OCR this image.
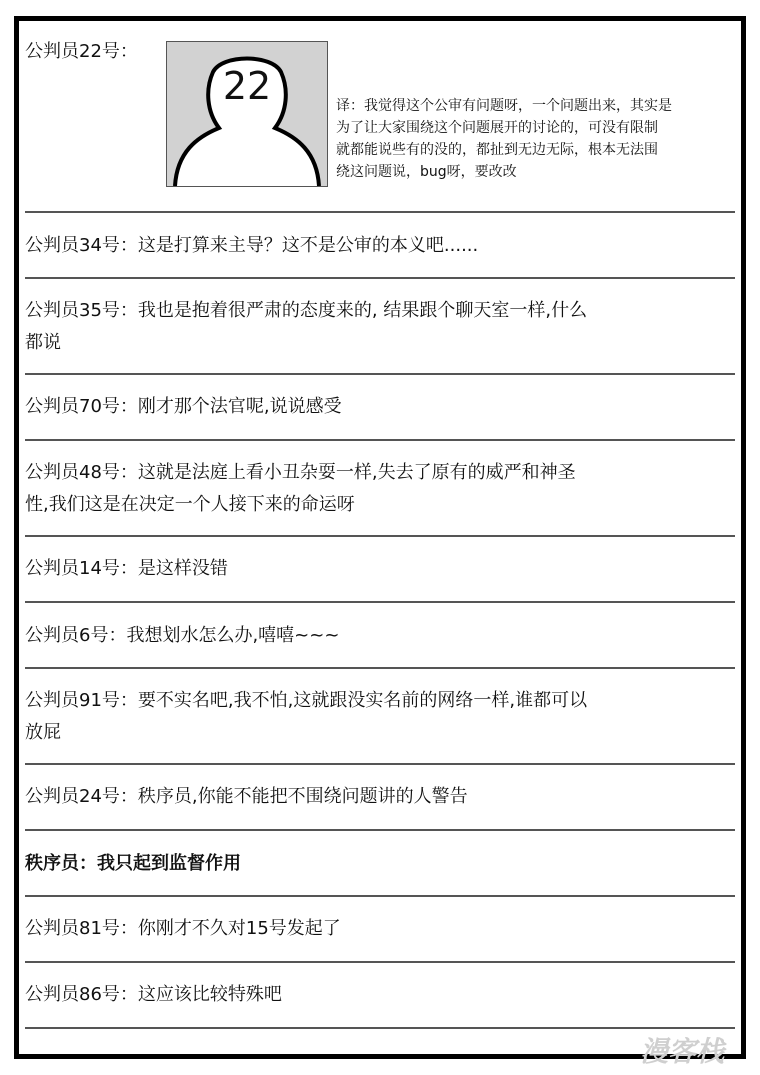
公判员22号：
22	译：我觉得这个公审有问题呀，一个问题出来，其实是
为了让大家围绕这个问题展开的讨论的，可没有限制
就都能说些有的没的，都扯到无边无际，根本无法围
绕这问题说，bug呀，要改改
公判员34号：这是打算来主导？这不是公审的本义吧......
公判员35号：我也是抱着很严肃的态度来的, 结果跟个聊天室一样,什么
都说
公判员70号：刚才那个法官呢,说说感受
公判员48号：这就是法庭上看小丑杂耍一样,失去了原有的威严和神圣
性,我们这是在决定一个人接下来的命运呀
公判员14号：是这样没错
公判员6号：我想划水怎么办,嘻嘻~~~
公判员91号：要不实名吧,我不怕,这就跟没实名前的网络一样,谁都可以
放屁
公判员24号：秩序员,你能不能把不围绕问题讲的人警告
秩序员：我只起到监督作用
公判员81号：你刚才不久对15号发起了
公判员86号：这应该比较特殊吧
漫客栈
